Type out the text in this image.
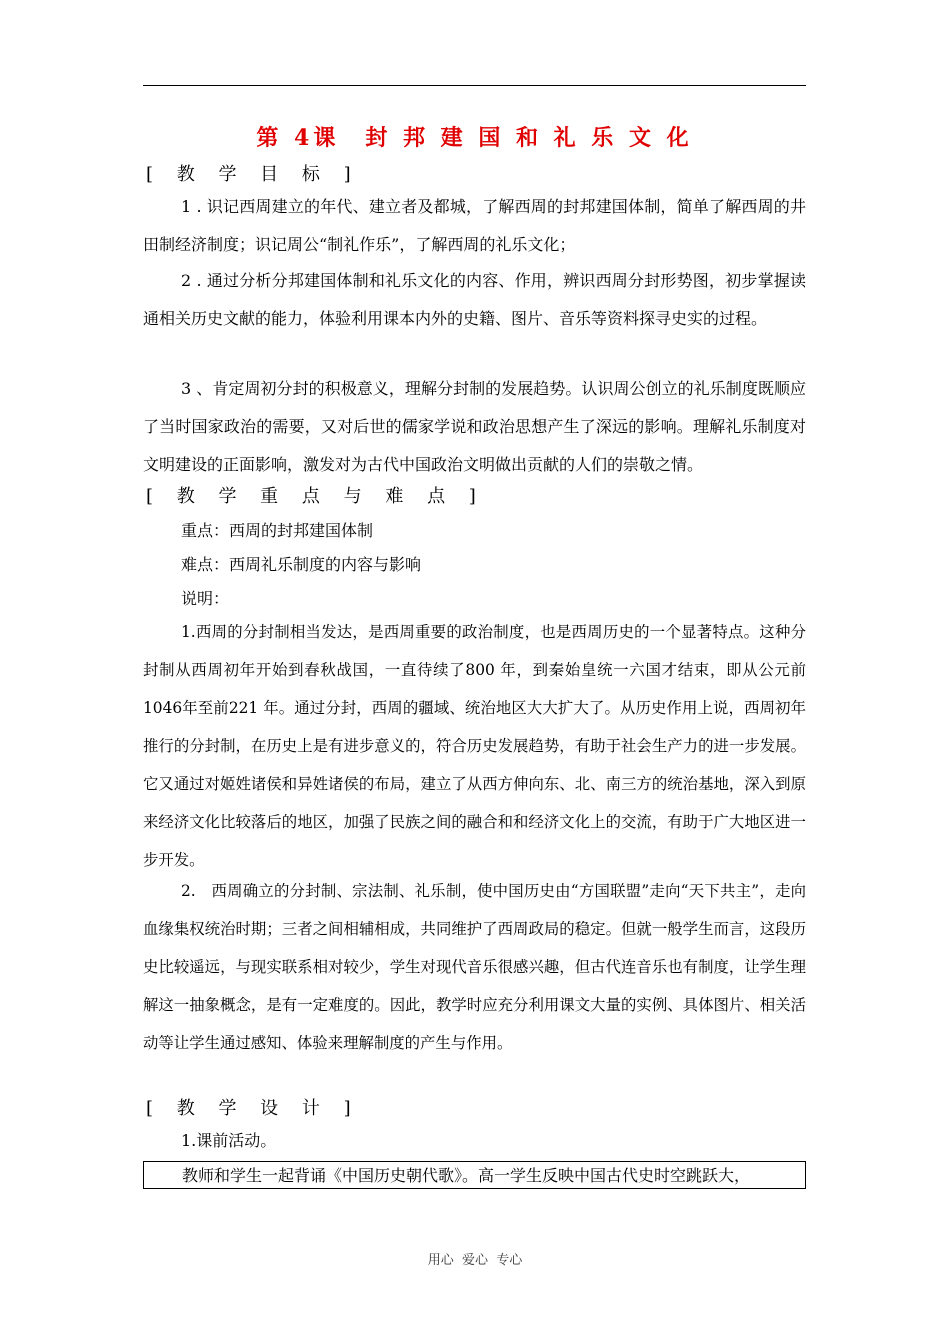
第 4课　封 邦 建 国 和 礼 乐 文 化
[ 教 学 目 标 ]

1 . 识记西周建立的年代、建立者及都城，了解西周的封邦建国体制，简单了解西周的井田制经济制度；识记周公“制礼作乐”，了解西周的礼乐文化；

2 . 通过分析分邦建国体制和礼乐文化的内容、作用，辨识西周分封形势图，初步掌握读通相关历史文献的能力，体验利用课本内外的史籍、图片、音乐等资料探寻史实的过程。

3 、肯定周初分封的积极意义，理解分封制的发展趋势。认识周公创立的礼乐制度既顺应了当时国家政治的需要，又对后世的儒家学说和政治思想产生了深远的影响。理解礼乐制度对文明建设的正面影响，激发对为古代中国政治文明做出贡献的人们的崇敬之情。

[ 教 学 重 点 与 难 点 ]
重点：西周的封邦建国体制
难点：西周礼乐制度的内容与影响
说明：

1.西周的分封制相当发达，是西周重要的政治制度，也是西周历史的一个显著特点。这种分封制从西周初年开始到春秋战国，一直待续了800 年，到秦始皇统一六国才结束，即从公元前1046年至前221 年。通过分封，西周的疆域、统治地区大大扩大了。从历史作用上说，西周初年推行的分封制，在历史上是有进步意义的，符合历史发展趋势，有助于社会生产力的进一步发展。它又通过对姬姓诸侯和异姓诸侯的布局，建立了从西方伸向东、北、南三方的统治基地，深入到原来经济文化比较落后的地区，加强了民族之间的融合和和经济文化上的交流，有助于广大地区进一步开发。

2.　西周确立的分封制、宗法制、礼乐制，使中国历史由“方国联盟”走向“天下共主”，走向血缘集权统治时期；三者之间相辅相成，共同维护了西周政局的稳定。但就一般学生而言，这段历史比较遥远，与现实联系相对较少，学生对现代音乐很感兴趣，但古代连音乐也有制度，让学生理解这一抽象概念，是有一定难度的。因此，教学时应充分利用课文大量的实例、具体图片、相关活动等让学生通过感知、体验来理解制度的产生与作用。

[ 教 学 设 计 ]
1.课前活动。
教师和学生一起背诵《中国历史朝代歌》。高一学生反映中国古代史时空跳跃大，
用心  爱心  专心
